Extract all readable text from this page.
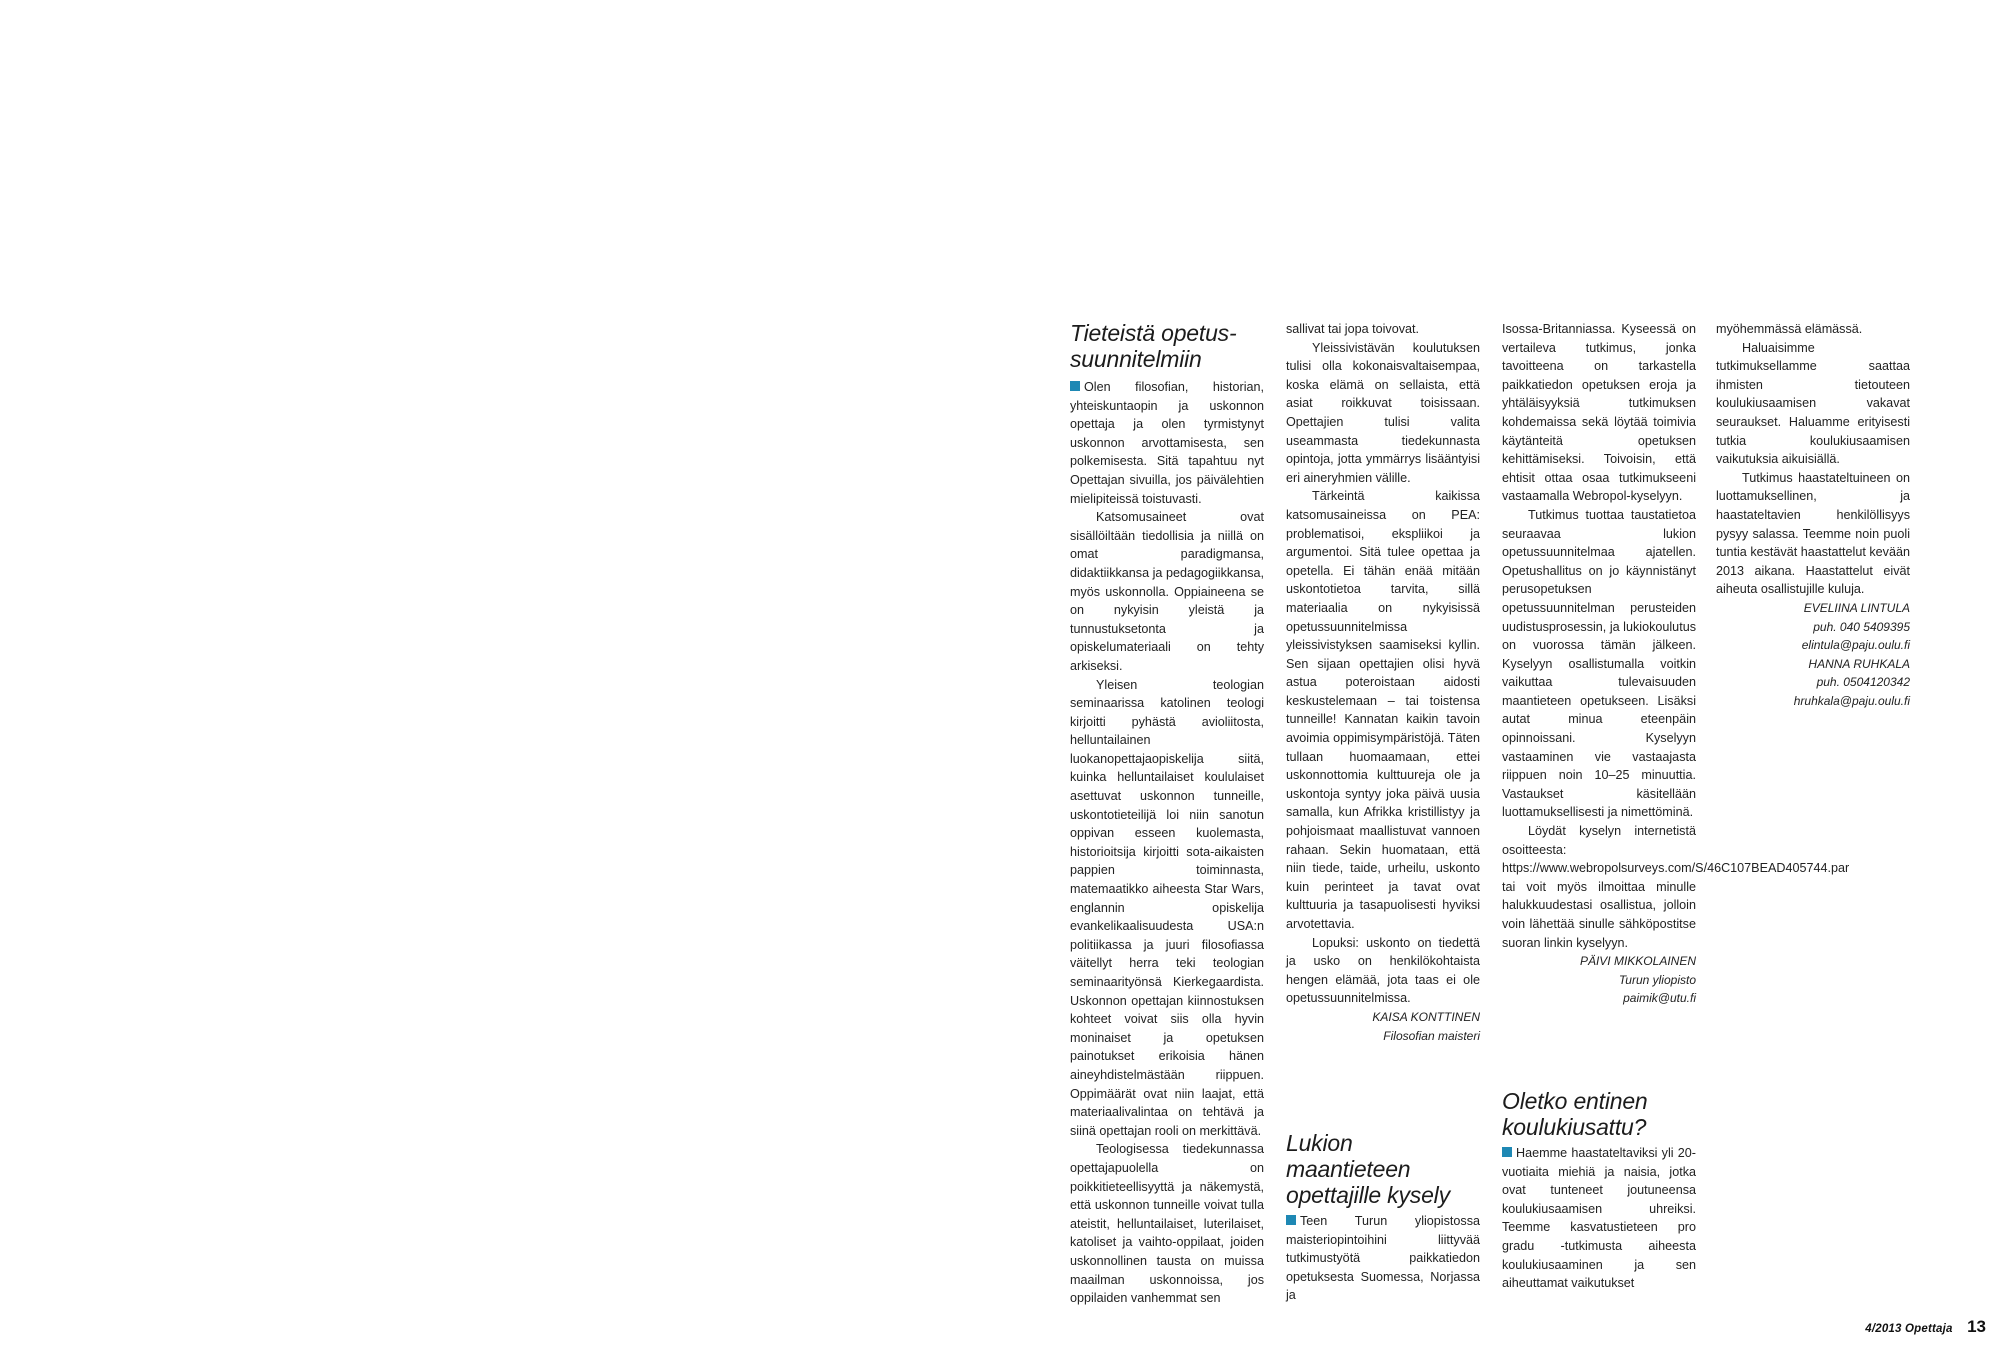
Tieteistä opetus-suunnitelmiin

Olen filosofian, historian, yhteiskuntaopin ja uskonnon opettaja ja olen tyrmistynyt uskonnon arvottamisesta, sen polkemisesta. Sitä tapahtuu nyt Opettajan sivuilla, jos päivälehtien mielipiteissä toistuvasti.

Katsomusaineet ovat sisällöiltään tiedollisia ja niillä on omat paradigmansa, didaktiikkansa ja pedagogiikkansa, myös uskonnolla. Oppiaineena se on nykyisin yleistä ja tunnustuksetonta ja opiskelumateriaali on tehty arkiseksi.

Yleisen teologian seminaarissa katolinen teologi kirjoitti pyhästä avioliitosta, helluntailainen luokanopettajaopiskelija siitä, kuinka helluntailaiset koululaiset asettuvat uskonnon tunneille, uskontotieteilijä loi niin sanotun oppivan esseen kuolemasta, historioitsija kirjoitti sota-aikaisten pappien toiminnasta, matemaatikko aiheesta Star Wars, englannin opiskelija evankelikaalisuudesta USA:n politiikassa ja juuri filosofiassa väitellyt herra teki teologian seminaarityönsä Kierkegaardista. Uskonnon opettajan kiinnostuksen kohteet voivat siis olla hyvin moninaiset ja opetuksen painotukset erikoisia hänen aineyhdistelmästään riippuen. Oppimäärät ovat niin laajat, että materiaalivalintaa on tehtävä ja siinä opettajan rooli on merkittävä.

Teologisessa tiedekunnassa opettajapuolella on poikkitieteellisyyttä ja näkemystä, että uskonnon tunneille voivat tulla ateistit, helluntailaiset, luterilaiset, katoliset ja vaihto-oppilaat, joiden uskonnollinen tausta on muissa maailman uskonnoissa, jos oppilaiden vanhemmat sen

sallivat tai jopa toivovat.

Yleissivistävän koulutuksen tulisi olla kokonaisvaltaisempaa, koska elämä on sellaista, että asiat roikkuvat toisissaan. Opettajien tulisi valita useammasta tiedekunnasta opintoja, jotta ymmärrys lisääntyisi eri aineryhmien välille.

Tärkeintä kaikissa katsomusaineissa on PEA: problematisoi, ekspliikoi ja argumentoi. Sitä tulee opettaa ja opetella. Ei tähän enää mitään uskontotietoa tarvita, sillä materiaalia on nykyisissä opetussuunnitelmissa yleissivistyksen saamiseksi kyllin. Sen sijaan opettajien olisi hyvä astua poteroistaan aidosti keskustelemaan – tai toistensa tunneille! Kannatan kaikin tavoin avoimia oppimisympäristöjä. Täten tullaan huomaamaan, ettei uskonnottomia kulttuureja ole ja uskontoja syntyy joka päivä uusia samalla, kun Afrikka kristillistyy ja pohjoismaat maallistuvat vannoen rahaan. Sekin huomataan, että niin tiede, taide, urheilu, uskonto kuin perinteet ja tavat ovat kulttuuria ja tasapuolisesti hyviksi arvotettavia.

Lopuksi: uskonto on tiedettä ja usko on henkilökohtaista hengen elämää, jota taas ei ole opetussuunnitelmissa.

KAISA KONTTINEN
Filosofian maisteri
Lukion maantieteen opettajille kysely

Teen Turun yliopistossa maisteriopintoihini liittyvää tutkimustyötä paikkatiedon opetuksesta Suomessa, Norjassa ja

Isossa-Britanniassa. Kyseessä on vertaileva tutkimus, jonka tavoitteena on tarkastella paikkatiedon opetuksen eroja ja yhtäläisyyksiä tutkimuksen kohdemaissa sekä löytää toimivia käytänteitä opetuksen kehittämiseksi. Toivoisin, että ehtisit ottaa osaa tutkimukseeni vastaamalla Webropol-kyselyyn.

Tutkimus tuottaa taustatietoa seuraavaa lukion opetussuunnitelmaa ajatellen. Opetushallitus on jo käynnistänyt perusopetuksen opetussuunnitelman perusteiden uudistusprosessin, ja lukiokoulutus on vuorossa tämän jälkeen. Kyselyyn osallistumalla voitkin vaikuttaa tulevaisuuden maantieteen opetukseen. Lisäksi autat minua eteenpäin opinnoissani. Kyselyyn vastaaminen vie vastaajasta riippuen noin 10–25 minuuttia. Vastaukset käsitellään luottamuksellisesti ja nimettöminä.

Löydät kyselyn internetistä osoitteesta: https://www.webropolsurveys.com/S/46C107BEAD405744.par tai voit myös ilmoittaa minulle halukkuudestasi osallistua, jolloin voin lähettää sinulle sähköpostitse suoran linkin kyselyyn.

PÄIVI MIKKOLAINEN
Turun yliopisto
paimik@utu.fi
Oletko entinen koulukiusattu?

Haemme haastateltaviksi yli 20-vuotiaita miehiä ja naisia, jotka ovat tunteneet joutuneensa koulukiusaamisen uhreiksi. Teemme kasvatustieteen pro gradu -tutkimusta aiheesta koulukiusaaminen ja sen aiheuttamat vaikutukset

myöhemmässä elämässä.

Haluaisimme tutkimuksellamme saattaa ihmisten tietouteen koulukiusaamisen vakavat seuraukset. Haluamme erityisesti tutkia koulukiusaamisen vaikutuksia aikuisiällä.

Tutkimus haastateltuineen on luottamuksellinen, ja haastateltavien henkilöllisyys pysyy salassa. Teemme noin puoli tuntia kestävät haastattelut kevään 2013 aikana. Haastattelut eivät aiheuta osallistujille kuluja.

EVELIINA LINTULA
puh. 040 5409395
elintula@paju.oulu.fi
HANNA RUHKALA
puh. 0504120342
hruhkala@paju.oulu.fi
4/2013 Opettaja 13
